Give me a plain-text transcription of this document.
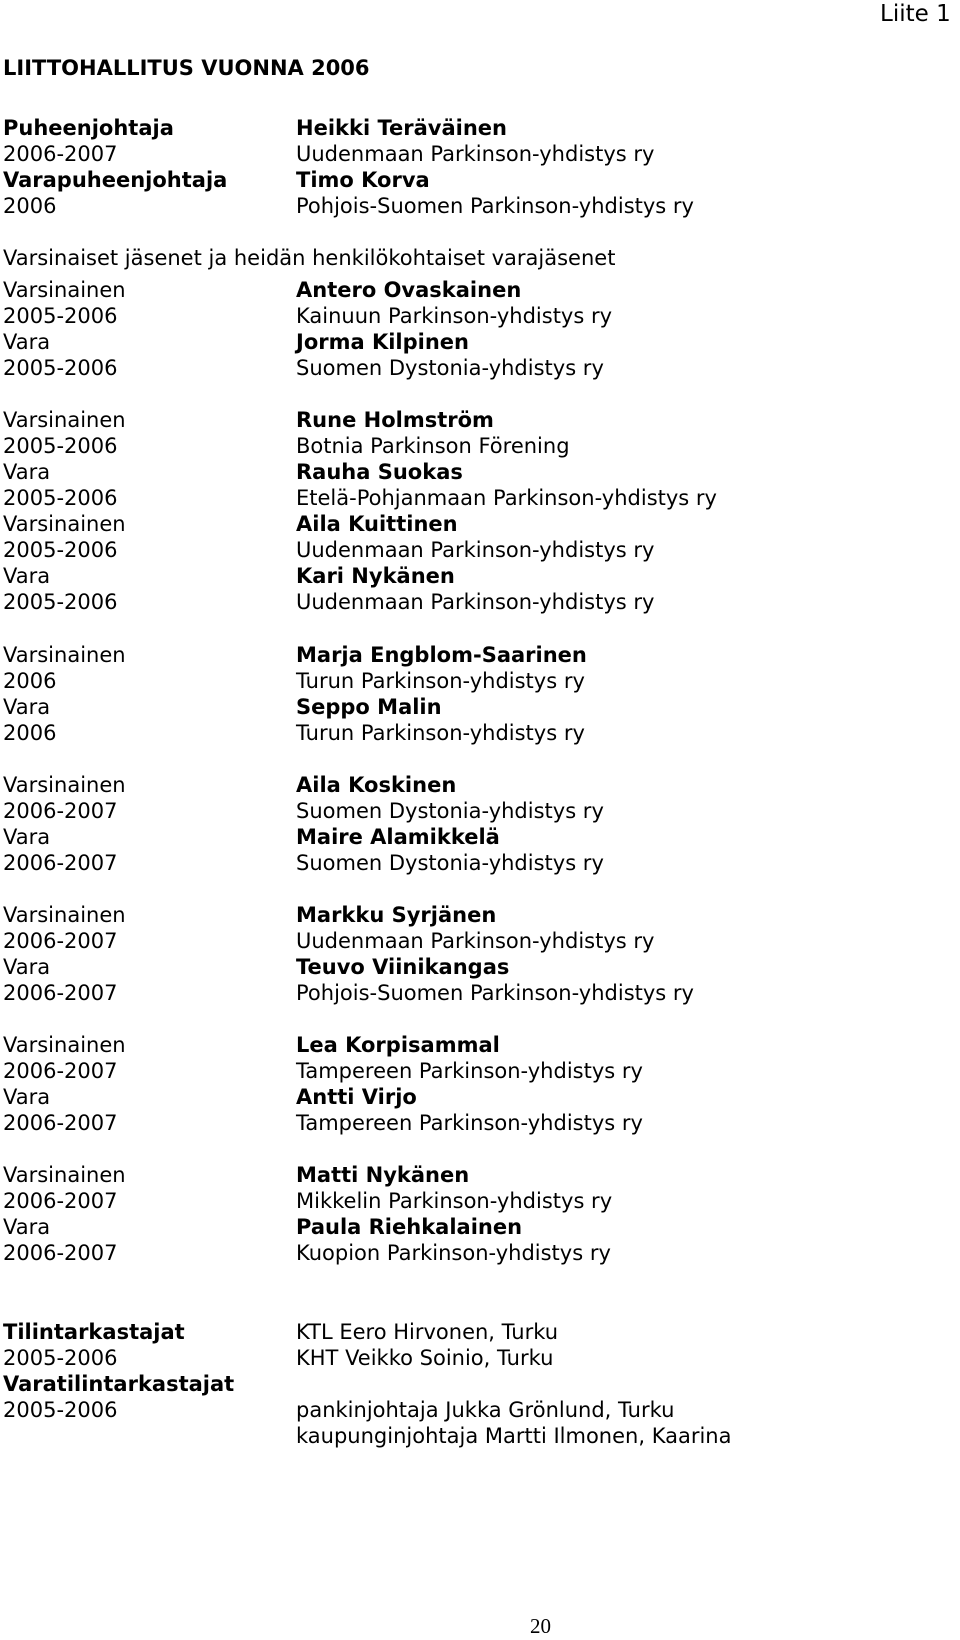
Liite 1
LIITTOHALLITUS VUONNA 2006
Puheenjohtaja	Heikki Teräväinen
2006-2007	Uudenmaan Parkinson-yhdistys ry
Varapuheenjohtaja	Timo Korva
2006	Pohjois-Suomen Parkinson-yhdistys ry
Varsinaiset jäsenet ja heidän henkilökohtaiset varajäsenet
Varsinainen	Antero Ovaskainen
2005-2006	Kainuun Parkinson-yhdistys ry
Vara	Jorma Kilpinen
2005-2006	Suomen Dystonia-yhdistys ry
Varsinainen	Rune Holmström
2005-2006	Botnia Parkinson Förening
Vara	Rauha Suokas
2005-2006	Etelä-Pohjanmaan Parkinson-yhdistys ry
Varsinainen	Aila Kuittinen
2005-2006	Uudenmaan Parkinson-yhdistys ry
Vara	Kari Nykänen
2005-2006	Uudenmaan Parkinson-yhdistys ry
Varsinainen	Marja Engblom-Saarinen
2006	Turun Parkinson-yhdistys ry
Vara	Seppo Malin
2006	Turun Parkinson-yhdistys ry
Varsinainen	Aila Koskinen
2006-2007	Suomen Dystonia-yhdistys ry
Vara	Maire Alamikkelä
2006-2007	Suomen Dystonia-yhdistys ry
Varsinainen	Markku Syrjänen
2006-2007	Uudenmaan Parkinson-yhdistys ry
Vara	Teuvo Viinikangas
2006-2007	Pohjois-Suomen Parkinson-yhdistys ry
Varsinainen	Lea Korpisammal
2006-2007	Tampereen Parkinson-yhdistys ry
Vara	Antti Virjo
2006-2007	Tampereen Parkinson-yhdistys ry
Varsinainen	Matti Nykänen
2006-2007	Mikkelin Parkinson-yhdistys ry
Vara	Paula Riehkalainen
2006-2007	Kuopion Parkinson-yhdistys ry
Tilintarkastajat	KTL Eero Hirvonen, Turku
2005-2006	KHT Veikko Soinio, Turku
Varatilintarkastajat
2005-2006	pankinjohtaja Jukka Grönlund, Turku
kaupunginjohtaja Martti Ilmonen, Kaarina
20
